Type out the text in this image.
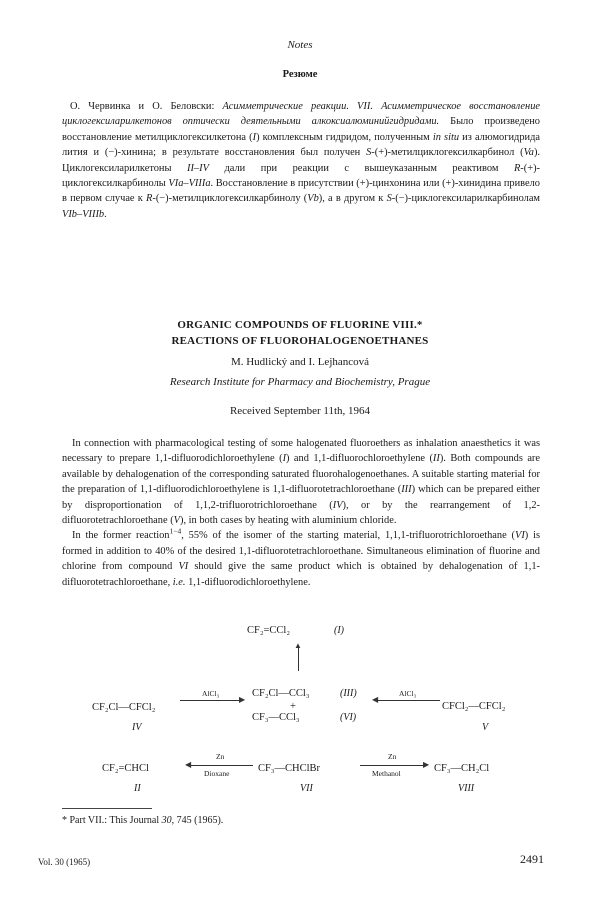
Notes
Резюме
О. Червинка и О. Беловски: Асимметрические реакции. VII. Асимметрическое восстановление циклогексиларилкетонов оптически деятельными алкоксиалюминийгидридами. Было произведено восстановление метилциклогексилкетона (I) комплексным гидридом, полученным in situ из алюмогидрида лития и (−)-хинина; в результате восстановления был получен S-(+)-метилциклогексилкарбинол (Va). Циклогексиларилкетоны II–IV дали при реакции с вышеуказанным реактивом R-(+)-циклогексилкарбинолы VIa–VIIIa. Восстановление в присутствии (+)-цинхонина или (+)-хинидина привело в первом случае к R-(−)-метилциклогексилкарбинолу (Vb), а в другом к S-(−)-циклогексиларилкарбинолам VIb–VIIIb.
ORGANIC COMPOUNDS OF FLUORINE VIII.*
REACTIONS OF FLUOROHALOGENOETHANES
M. Hudlický and I. Lejhancová
Research Institute for Pharmacy and Biochemistry, Prague
Received September 11th, 1964

In connection with pharmacological testing of some halogenated fluoroethers as inhalation anaesthetics it was necessary to prepare 1,1-difluorodichloroethylene (I) and 1,1-difluorochloroethylene (II). Both compounds are available by dehalogenation of the corresponding saturated fluorohalogenoethanes. A suitable starting material for the preparation of 1,1-difluorodichloroethylene is 1,1-difluorotetrachloroethane (III) which can be prepared either by disproportionation of 1,1,2-trifluorotrichloroethane (IV), or by the rearrangement of 1,2-difluorotetrachloroethane (V), in both cases by heating with aluminium chloride.

In the former reaction$^{1-4}$, 55% of the isomer of the starting material, 1,1,1-trifluorotrichloroethane (VI) is formed in addition to 40% of the desired 1,1-difluorotetrachloroethane. Simultaneous elimination of fluorine and chlorine from compound VI should give the same product which is obtained by dehalogenation of 1,1-difluorotetrachloroethane, i.e. 1,1-difluorodichloroethylene.

CF₂=CCl₂	(I)
▲
CF₂Cl—CFCl₂
IV
AlCl₃
▶
CF₂Cl—CCl₃	(III)
+
CF₃—CCl₃	(VI)
AlCl₃
◀
CFCl₂—CFCl₂
V
CF₂=CHCl
II
Zn
◀
Dioxane	CF₃—CHClBr
VII
Zn
▶
Methanol	CF₃—CH₂Cl
VIII
* Part VII.: This Journal 30, 745 (1965).
Vol. 30 (1965)	2491
